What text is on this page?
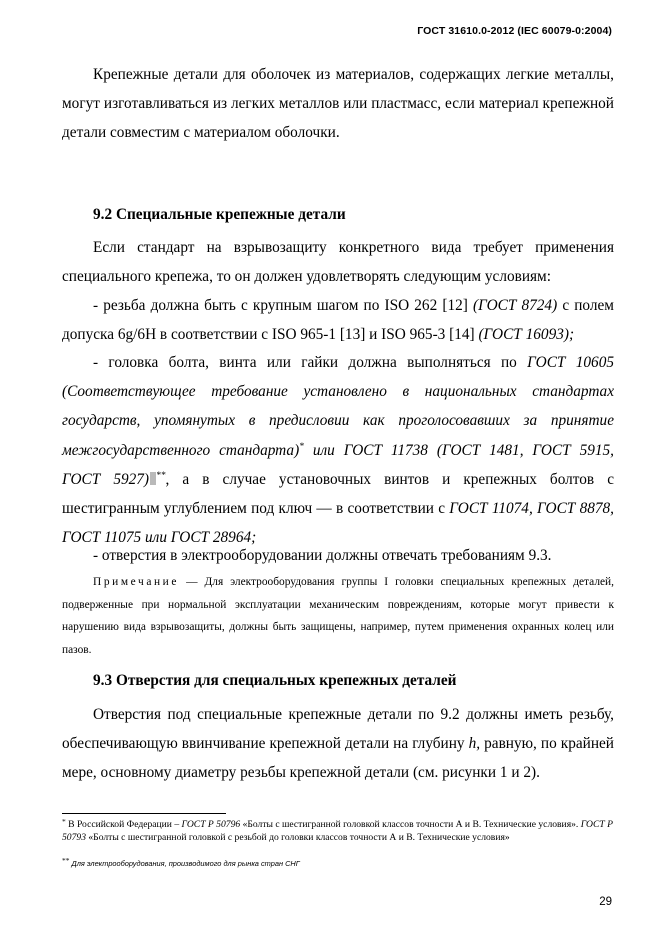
ГОСТ 31610.0-2012 (IEC 60079-0:2004)

Крепежные детали для оболочек из материалов, содержащих легкие металлы, могут изготавливаться из легких металлов или пластмасс, если материал крепежной детали совместим с материалом оболочки.

9.2 Специальные крепежные детали

Если стандарт на взрывозащиту конкретного вида требует применения специального крепежа, то он должен удовлетворять следующим условиям:

- резьба должна быть с крупным шагом по ISO 262 [12] (ГОСТ 8724) с полем допуска 6g/6H в соответствии с ISO 965-1 [13] и ISO 965-3 [14] (ГОСТ 16093);

- головка болта, винта или гайки должна выполняться по ГОСТ 10605 (Соответствующее требование установлено в национальных стандартах государств, упомянутых в предисловии как проголосовавших за принятие межгосударственного стандарта)* или ГОСТ 11738 (ГОСТ 1481, ГОСТ 5915, ГОСТ 5927) **, а в случае установочных винтов и крепежных болтов с шестигранным углублением под ключ — в соответствии с ГОСТ 11074, ГОСТ 8878, ГОСТ 11075 или ГОСТ 28964;

- отверстия в электрооборудовании должны отвечать требованиям 9.3.

Примечание — Для электрооборудования группы I головки специальных крепежных деталей, подверженные при нормальной эксплуатации механическим повреждениям, которые могут привести к нарушению вида взрывозащиты, должны быть защищены, например, путем применения охранных колец или пазов.

9.3 Отверстия для специальных крепежных деталей

Отверстия под специальные крепежные детали по 9.2 должны иметь резьбу, обеспечивающую ввинчивание крепежной детали на глубину h, равную, по крайней мере, основному диаметру резьбы крепежной детали (см. рисунки 1 и 2).

* В Российской Федерации – ГОСТ Р 50796 «Болты с шестигранной головкой классов точности А и В. Технические условия». ГОСТ Р 50793 «Болты с шестигранной головкой с резьбой до головки классов точности А и В. Технические условия»

** Для электрооборудования, производимого для рынка стран СНГ

29
